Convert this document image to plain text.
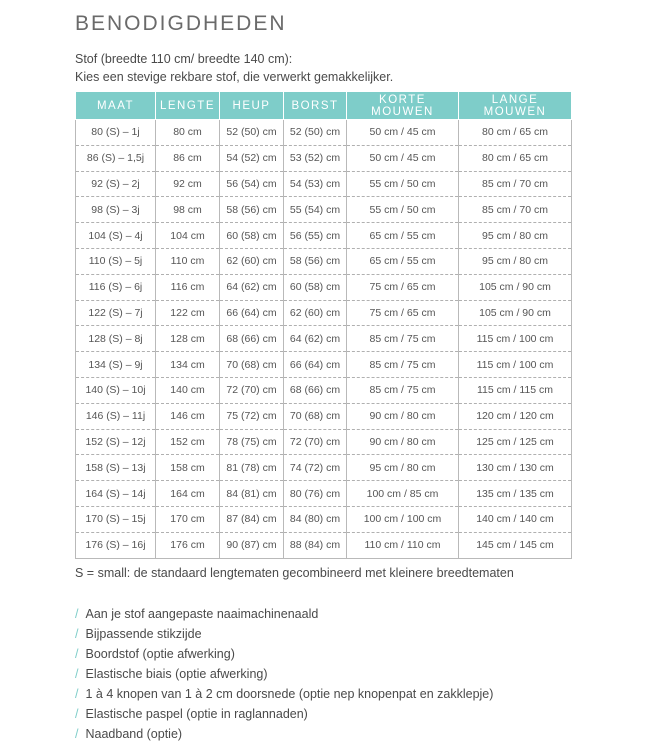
BENODIGDHEDEN
Stof (breedte 110 cm/ breedte 140 cm):
Kies een stevige rekbare stof, die verwerkt gemakkelijker.
MAAT	LENGTE	HEUP	BORST	KORTE MOUWEN	LANGE MOUWEN
80 (S) – 1j	80 cm	52 (50) cm	52 (50) cm	50 cm / 45 cm	80 cm / 65 cm
86 (S) – 1,5j	86 cm	54 (52) cm	53 (52) cm	50 cm / 45 cm	80 cm / 65 cm
92 (S) – 2j	92 cm	56 (54) cm	54 (53) cm	55 cm / 50 cm	85 cm / 70 cm
98 (S) – 3j	98 cm	58 (56) cm	55 (54) cm	55 cm / 50 cm	85 cm / 70 cm
104 (S) – 4j	104 cm	60 (58) cm	56 (55) cm	65 cm / 55 cm	95 cm / 80 cm
110 (S) – 5j	110 cm	62 (60) cm	58 (56) cm	65 cm / 55 cm	95 cm / 80 cm
116 (S) – 6j	116 cm	64 (62) cm	60 (58) cm	75 cm / 65 cm	105 cm / 90 cm
122 (S) – 7j	122 cm	66 (64) cm	62 (60) cm	75 cm / 65 cm	105 cm / 90 cm
128 (S) – 8j	128 cm	68 (66) cm	64 (62) cm	85 cm / 75 cm	115 cm / 100 cm
134 (S) – 9j	134 cm	70 (68) cm	66 (64) cm	85 cm / 75 cm	115 cm / 100 cm
140 (S) – 10j	140 cm	72 (70) cm	68 (66) cm	85 cm / 75 cm	115 cm / 115 cm
146 (S) – 11j	146 cm	75 (72) cm	70 (68) cm	90 cm / 80 cm	120 cm / 120 cm
152 (S) – 12j	152 cm	78 (75) cm	72 (70) cm	90 cm / 80 cm	125 cm / 125 cm
158 (S) – 13j	158 cm	81 (78) cm	74 (72) cm	95 cm / 80 cm	130 cm / 130 cm
164 (S) – 14j	164 cm	84 (81) cm	80 (76) cm	100 cm / 85 cm	135 cm / 135 cm
170 (S) – 15j	170 cm	87 (84) cm	84 (80) cm	100 cm / 100 cm	140 cm / 140 cm
176 (S) – 16j	176 cm	90 (87) cm	88 (84) cm	110 cm / 110 cm	145 cm / 145 cm
S = small: de standaard lengtematen gecombineerd met kleinere breedtematen
/ Aan je stof aangepaste naaimachinenaald
/ Bijpassende stikzijde
/ Boordstof (optie afwerking)
/ Elastische biais (optie afwerking)
/ 1 à 4 knopen van 1 à 2 cm doorsnede (optie nep knopenpat en zakklepje)
/ Elastische paspel (optie in raglannaden)
/ Naadband (optie)
